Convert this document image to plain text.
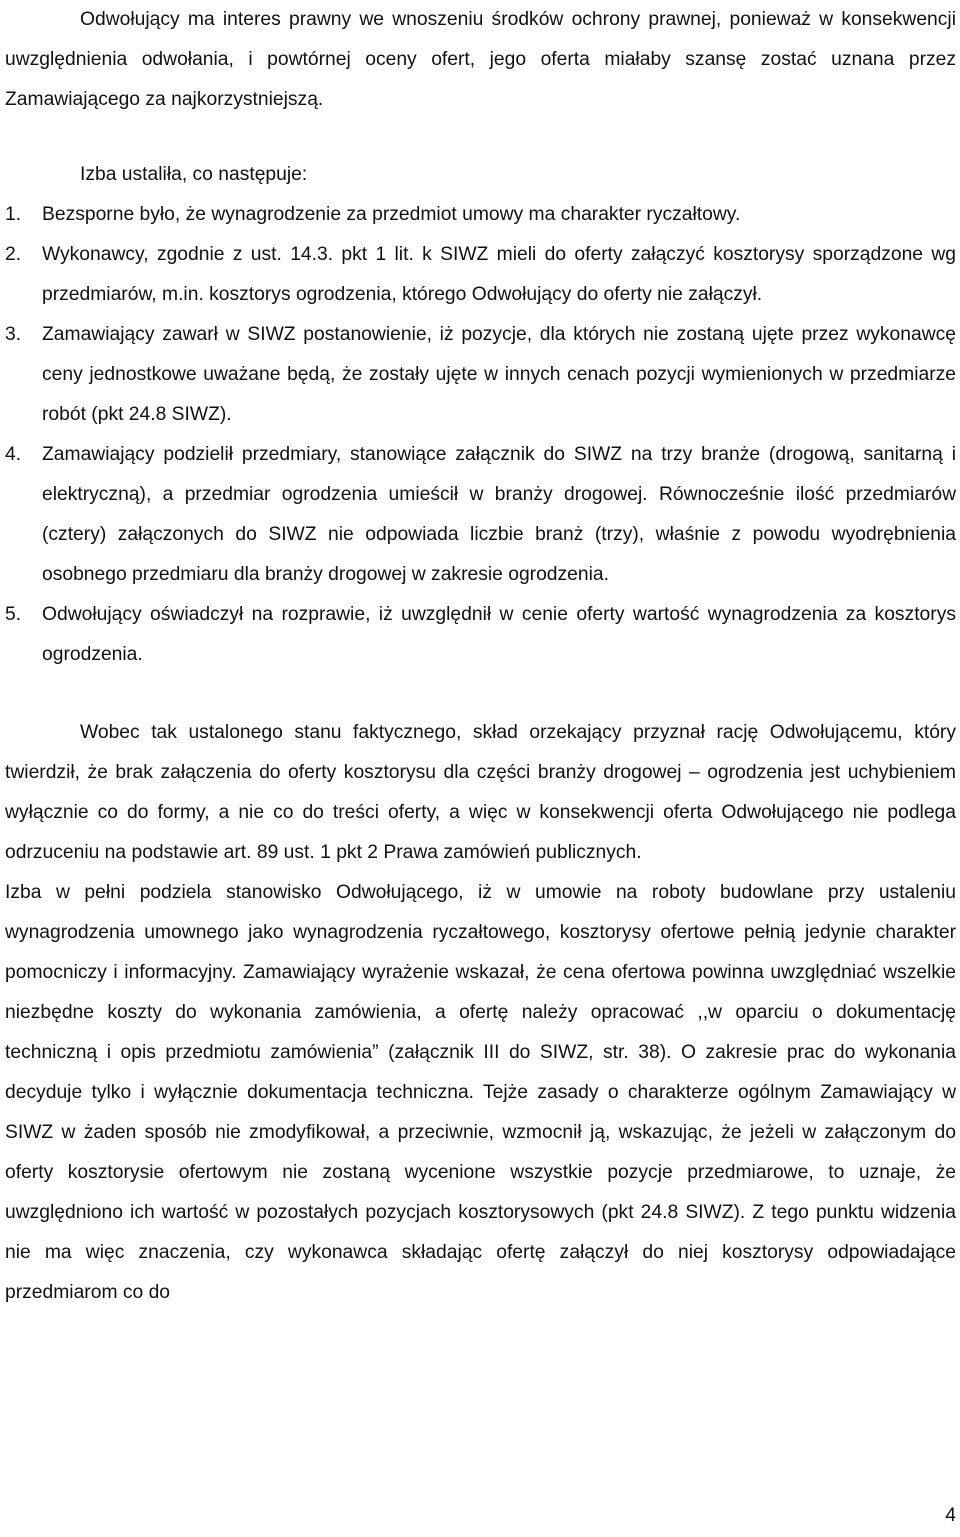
Odwołujący ma interes prawny we wnoszeniu środków ochrony prawnej, ponieważ w konsekwencji uwzględnienia odwołania, i powtórnej oceny ofert, jego oferta miałaby szansę zostać uznana przez Zamawiającego za najkorzystniejszą.

Izba ustaliła, co następuje:

1. Bezsporne było, że wynagrodzenie za przedmiot umowy ma charakter ryczałtowy.
2. Wykonawcy, zgodnie z ust. 14.3. pkt 1 lit. k SIWZ mieli do oferty załączyć kosztorysy sporządzone wg przedmiarów, m.in. kosztorys ogrodzenia, którego Odwołujący do oferty nie załączył.
3. Zamawiający zawarł w SIWZ postanowienie, iż pozycje, dla których nie zostaną ujęte przez wykonawcę ceny jednostkowe uważane będą, że zostały ujęte w innych cenach pozycji wymienionych w przedmiarze robót (pkt 24.8 SIWZ).
4. Zamawiający podzielił przedmiary, stanowiące załącznik do SIWZ na trzy branże (drogową, sanitarną i elektryczną), a przedmiar ogrodzenia umieścił w branży drogowej. Równocześnie ilość przedmiarów (cztery) załączonych do SIWZ nie odpowiada liczbie branż (trzy), właśnie z powodu wyodrębnienia osobnego przedmiaru dla branży drogowej w zakresie ogrodzenia.
5. Odwołujący oświadczył na rozprawie, iż uwzględnił w cenie oferty wartość wynagrodzenia za kosztorys ogrodzenia.

Wobec tak ustalonego stanu faktycznego, skład orzekający przyznał rację Odwołującemu, który twierdził, że brak załączenia do oferty kosztorysu dla części branży drogowej – ogrodzenia jest uchybieniem wyłącznie co do formy, a nie co do treści oferty, a więc w konsekwencji oferta Odwołującego nie podlega odrzuceniu na podstawie art. 89 ust. 1 pkt 2 Prawa zamówień publicznych.

Izba w pełni podziela stanowisko Odwołującego, iż w umowie na roboty budowlane przy ustaleniu wynagrodzenia umownego jako wynagrodzenia ryczałtowego, kosztorysy ofertowe pełnią jedynie charakter pomocniczy i informacyjny. Zamawiający wyrażenie wskazał, że cena ofertowa powinna uwzględniać wszelkie niezbędne koszty do wykonania zamówienia, a ofertę należy opracować ,,w oparciu o dokumentację techniczną i opis przedmiotu zamówienia” (załącznik III do SIWZ, str. 38). O zakresie prac do wykonania decyduje tylko i wyłącznie dokumentacja techniczna. Tejże zasady o charakterze ogólnym Zamawiający w SIWZ w żaden sposób nie zmodyfikował, a przeciwnie, wzmocnił ją, wskazując, że jeżeli w załączonym do oferty kosztorysie ofertowym nie zostaną wycenione wszystkie pozycje przedmiarowe, to uznaje, że uwzględniono ich wartość w pozostałych pozycjach kosztorysowych (pkt 24.8 SIWZ). Z tego punktu widzenia nie ma więc znaczenia, czy wykonawca składając ofertę załączył do niej kosztorysy odpowiadające przedmiarom co do

4
